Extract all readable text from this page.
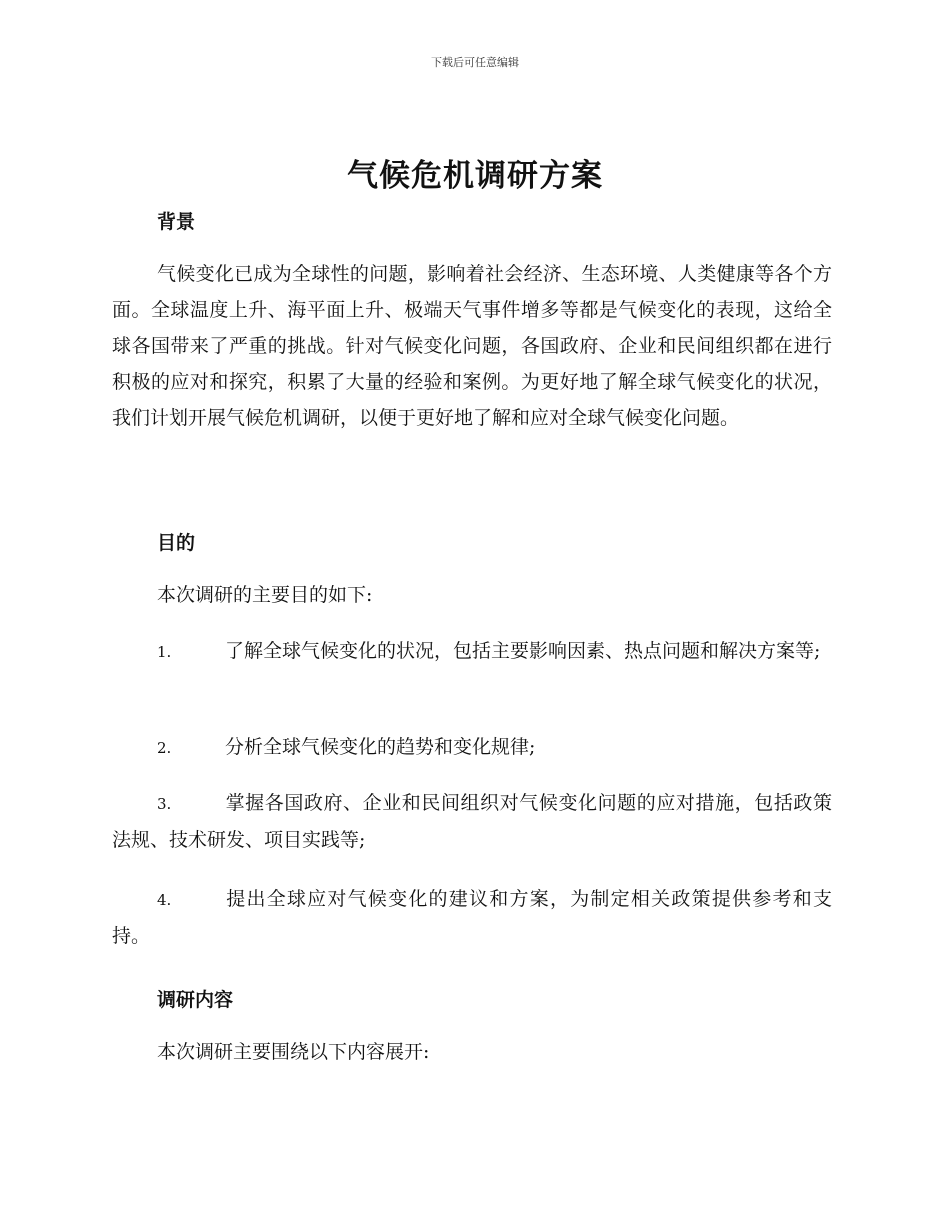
下载后可任意编辑
气候危机调研方案
背景

气候变化已成为全球性的问题，影响着社会经济、生态环境、人类健康等各个方面。全球温度上升、海平面上升、极端天气事件增多等都是气候变化的表现，这给全球各国带来了严重的挑战。针对气候变化问题，各国政府、企业和民间组织都在进行积极的应对和探究，积累了大量的经验和案例。为更好地了解全球气候变化的状况，我们计划开展气候危机调研，以便于更好地了解和应对全球气候变化问题。

目的

本次调研的主要目的如下:

1.	了解全球气候变化的状况，包括主要影响因素、热点问题和解决方案等;

2.	分析全球气候变化的趋势和变化规律;

3.	掌握各国政府、企业和民间组织对气候变化问题的应对措施，包括政策法规、技术研发、项目实践等;

4.	提出全球应对气候变化的建议和方案，为制定相关政策提供参考和支持。

调研内容

本次调研主要围绕以下内容展开:
